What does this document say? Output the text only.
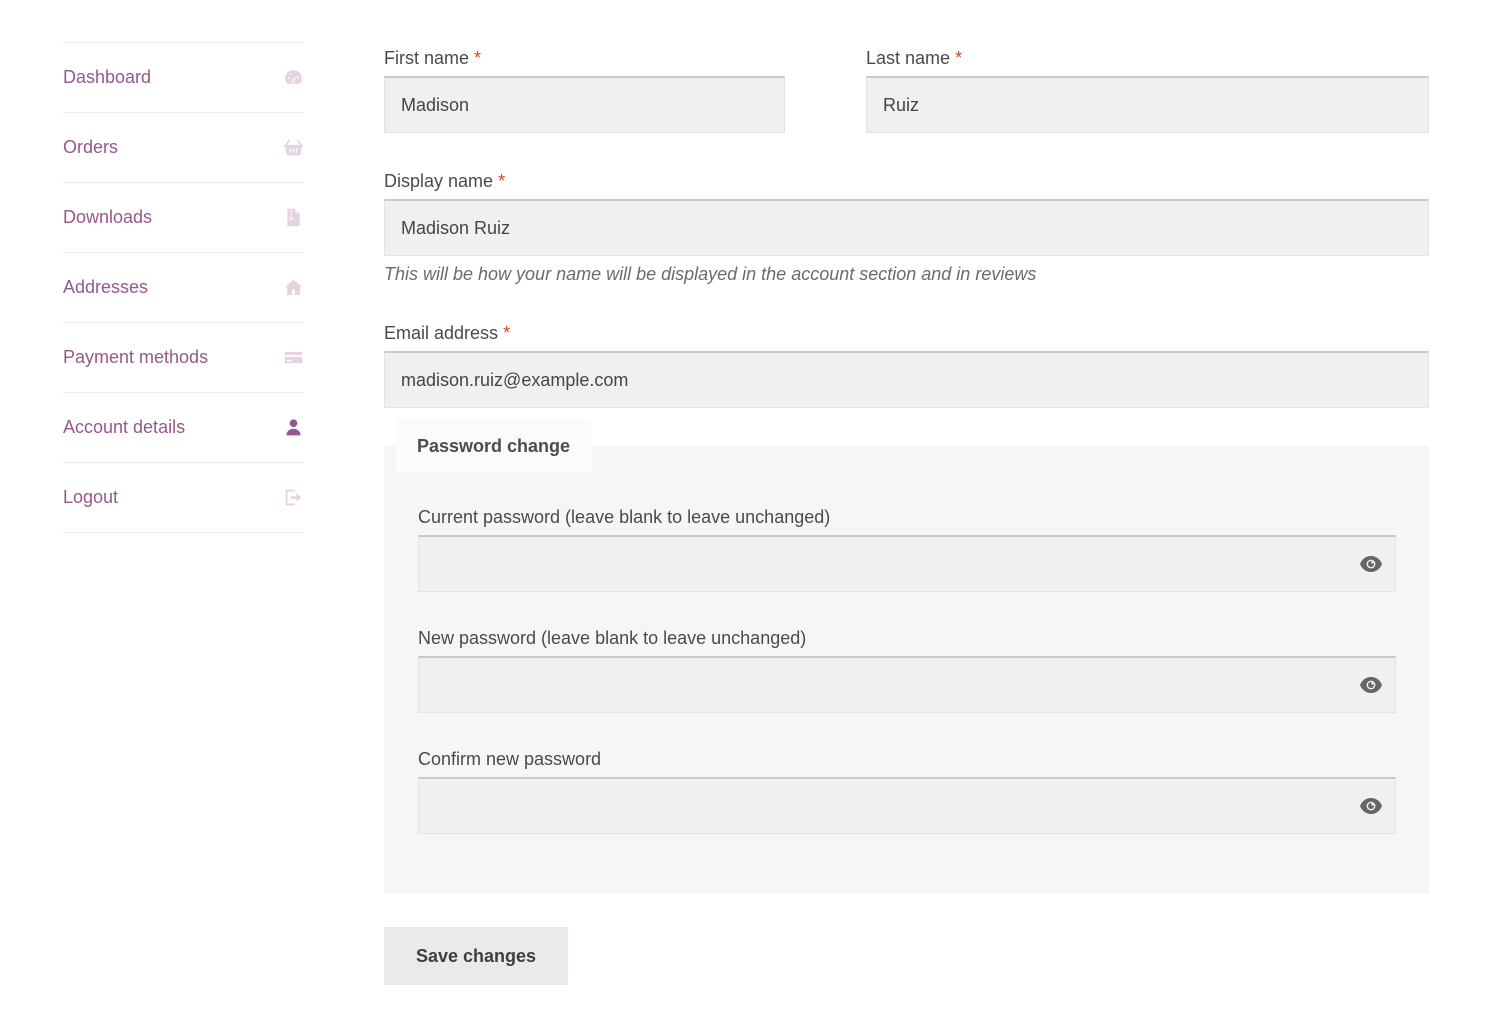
Dashboard
Orders
Downloads
Addresses
Payment methods
Account details
Logout
First name *
Madison	Last name *
Ruiz
Display name *
Madison Ruiz
This will be how your name will be displayed in the account section and in reviews
Email address *
madison.ruiz@example.com
Password change
Current password (leave blank to leave unchanged)
New password (leave blank to leave unchanged)
Confirm new password
Save changes
